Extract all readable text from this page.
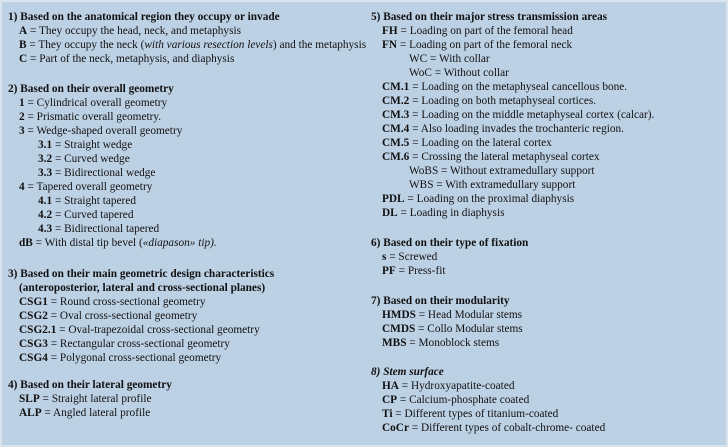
1) Based on the anatomical region they occupy or invade
A = They occupy the head, neck, and metaphysis
B = They occupy the neck (with various resection levels) and the metaphysis
C = Part of the neck, metaphysis, and diaphysis
2) Based on their overall geometry
1 = Cylindrical overall geometry
2 = Prismatic overall geometry.
3 = Wedge-shaped overall geometry
3.1 = Straight wedge
3.2 = Curved wedge
3.3 = Bidirectional wedge
4 = Tapered overall geometry
4.1 = Straight tapered
4.2 = Curved tapered
4.3 = Bidirectional tapered
dB = With distal tip bevel («diapason» tip).
3) Based on their main geometric design characteristics
(anteroposterior, lateral and cross-sectional planes)
CSG1 = Round cross-sectional geometry
CSG2 = Oval cross-sectional geometry
CSG2.1 = Oval-trapezoidal cross-sectional geometry
CSG3 = Rectangular cross-sectional geometry
CSG4 = Polygonal cross-sectional geometry
4) Based on their lateral geometry
SLP = Straight lateral profile
ALP = Angled lateral profile
5) Based on their major stress transmission areas
FH = Loading on part of the femoral head
FN = Loading on part of the femoral neck
WC = With collar
WoC = Without collar
CM.1 = Loading on the metaphyseal cancellous bone.
CM.2 = Loading on both metaphyseal cortices.
CM.3 = Loading on the middle metaphyseal cortex (calcar).
CM.4 = Also loading invades the trochanteric region.
CM.5 = Loading on the lateral cortex
CM.6 = Crossing the lateral metaphyseal cortex
WoBS = Without extramedullary support
WBS = With extramedullary support
PDL = Loading on the proximal diaphysis
DL = Loading in diaphysis
6) Based on their type of fixation
s = Screwed
PF = Press-fit
7) Based on their modularity
HMDS = Head Modular stems
CMDS = Collo Modular stems
MBS = Monoblock stems
8) Stem surface
HA = Hydroxyapatite-coated
CP = Calcium-phosphate coated
Ti = Different types of titanium-coated
CoCr = Different types of cobalt-chrome- coated
